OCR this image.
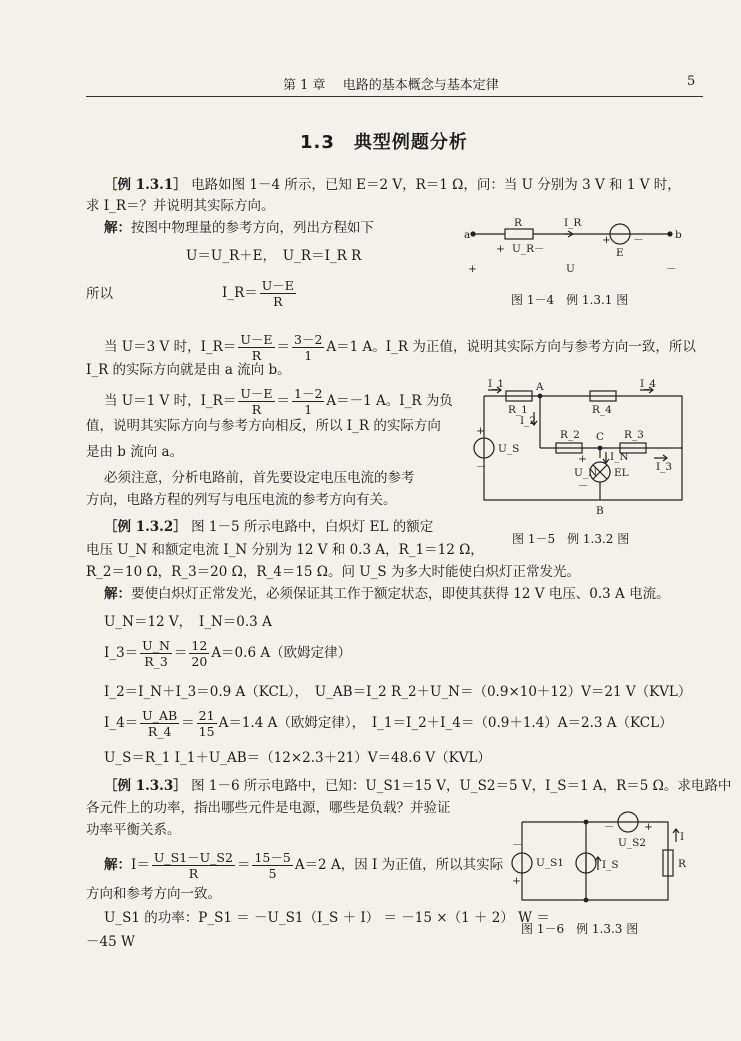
第 1 章　 电路的基本概念与基本定律	5
1.3　典型例题分析
［例 1.3.1］ 电路如图 1－4 所示，已知 E＝2 V，R＝1 Ω，问：当 U 分别为 3 V 和 1 V 时，
求 I_R＝？并说明其实际方向。
解：按图中物理量的参考方向，列出方程如下
U＝U_R＋E，　U_R＝I_R R
所以	I_R＝ $\frac{U-E}{R}$
a	b
R	I_R
+ U_R －
+
E
－
+	U	－
图 1－4　例 1.3.1 图
当 U＝3 V 时，I_R＝ $\frac{U-E}{R} = \frac{3-2}{1} A=1$ A。I_R 为正值，说明其实际方向与参考方向一致，所以
I_R 的实际方向就是由 a 流向 b。
当 U＝1 V 时，I_R＝ $\frac{U-E}{R} = \frac{1-2}{1} A=-1$ A。I_R 为负
值，说明其实际方向与参考方向相反，所以 I_R 的实际方向
是由 b 流向 a。
必须注意，分析电路前，首先要设定电压电流的参考
方向，电路方程的列写与电压电流的参考方向有关。
I_1	A	I_4
R_1	R_4
I_2
R_2 C R_3
+
U_S
－
I_N
I_3
+
U_N EL
－
B
图 1－5　例 1.3.2 图
［例 1.3.2］ 图 1－5 所示电路中，白炽灯 EL 的额定
电压 U_N 和额定电流 I_N 分别为 12 V 和 0.3 A，R_1＝12 Ω，
R_2＝10 Ω，R_3＝20 Ω，R_4＝15 Ω。问 U_S 为多大时能使白炽灯正常发光。
解：要使白炽灯正常发光，必须保证其工作于额定状态，即使其获得 12 V 电压、0.3 A 电流。
U_N＝12 V，　I_N＝0.3 A
I_3＝ $\frac{U\_N}{R\_3} = \frac{12}{20} A=0.6$ A（欧姆定律）
I_2＝I_N＋I_3＝0.9 A（KCL），　U_AB＝I_2 R_2＋U_N＝（0.9×10＋12）V＝21 V（KVL）
I_4＝ $\frac{U\_AB}{R\_4} = \frac{21}{15} A=1.4$ A（欧姆定律），　I_1＝I_2＋I_4＝（0.9＋1.4）A＝2.3 A（KCL）
U_S＝R_1 I_1＋U_AB＝（12×2.3＋21）V＝48.6 V（KVL）
［例 1.3.3］ 图 1－6 所示电路中，已知：U_S1＝15 V，U_S2＝5 V，I_S＝1 A，R＝5 Ω。求电路中
各元件上的功率，指出哪些元件是电源，哪些是负载？并验证
功率平衡关系。
解：$I= \frac{U\_S1-U\_S2}{R} = \frac{15-5}{5} A=2$ A，因 I 为正值，所以其实际
方向和参考方向一致。
U_S1 的功率：P_S1 ＝ －U_S1（I_S ＋ I） ＝ －15 ×（1 ＋ 2） W ＝
－45 W
－
U_S2
+
I
－
U_S1
+
I_S	R
图 1－6　例 1.3.3 图
